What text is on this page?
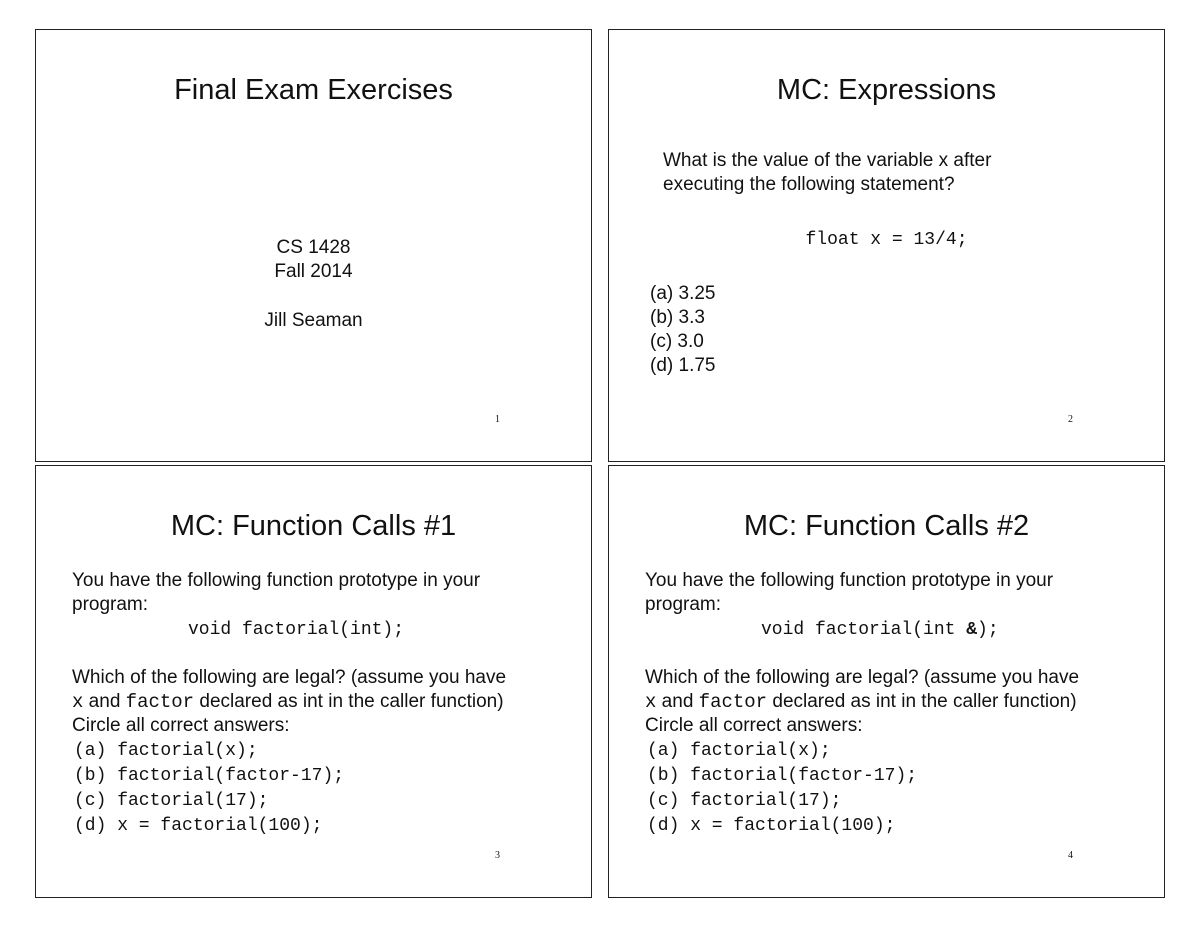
Final Exam Exercises
CS 1428
Fall 2014
Jill Seaman
1
MC: Expressions
What is the value of the variable x after
executing the following statement?
float x = 13/4;
(a) 3.25
(b) 3.3
(c) 3.0
(d) 1.75
2
MC: Function Calls #1
You have the following function prototype in your
program:
void factorial(int);
Which of the following are legal? (assume you have
x and factor declared as int in the caller function)
Circle all correct answers:
(a) factorial(x);
(b) factorial(factor-17);
(c) factorial(17);
(d) x = factorial(100);
3
MC: Function Calls #2
You have the following function prototype in your
program:
void factorial(int &);
Which of the following are legal? (assume you have
x and factor declared as int in the caller function)
Circle all correct answers:
(a) factorial(x);
(b) factorial(factor-17);
(c) factorial(17);
(d) x = factorial(100);
4
